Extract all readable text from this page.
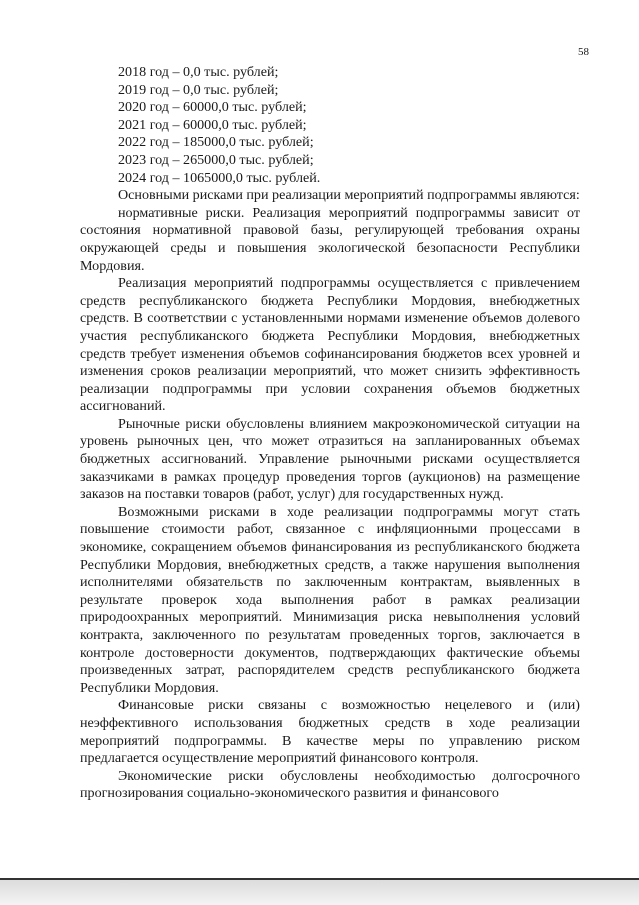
58
2018 год – 0,0 тыс. рублей;
2019 год – 0,0 тыс. рублей;
2020 год – 60000,0 тыс. рублей;
2021 год – 60000,0 тыс. рублей;
2022 год – 185000,0 тыс. рублей;
2023 год – 265000,0 тыс. рублей;
2024 год – 1065000,0 тыс. рублей.

Основными рисками при реализации мероприятий подпрограммы являются:

нормативные риски. Реализация мероприятий подпрограммы зависит от состояния нормативной правовой базы, регулирующей требования охраны окружающей среды и повышения экологической безопасности Республики Мордовия.

Реализация мероприятий подпрограммы осуществляется с привлечением средств республиканского бюджета Республики Мордовия, внебюджетных средств. В соответствии с установленными нормами изменение объемов долевого участия республиканского бюджета Республики Мордовия, внебюджетных средств требует изменения объемов софинансирования бюджетов всех уровней и изменения сроков реализации мероприятий, что может снизить эффективность реализации подпрограммы при условии сохранения объемов бюджетных ассигнований.

Рыночные риски обусловлены влиянием макроэкономической ситуации на уровень рыночных цен, что может отразиться на запланированных объемах бюджетных ассигнований. Управление рыночными рисками осуществляется заказчиками в рамках процедур проведения торгов (аукционов) на размещение заказов на поставки товаров (работ, услуг) для государственных нужд.

Возможными рисками в ходе реализации подпрограммы могут стать повышение стоимости работ, связанное с инфляционными процессами в экономике, сокращением объемов финансирования из республиканского бюджета Республики Мордовия, внебюджетных средств, а также нарушения выполнения исполнителями обязательств по заключенным контрактам, выявленных в результате проверок хода выполнения работ в рамках реализации природоохранных мероприятий. Минимизация риска невыполнения условий контракта, заключенного по результатам проведенных торгов, заключается в контроле достоверности документов, подтверждающих фактические объемы произведенных затрат, распорядителем средств республиканского бюджета Республики Мордовия.

Финансовые риски связаны с возможностью нецелевого и (или) неэффективного использования бюджетных средств в ходе реализации мероприятий подпрограммы. В качестве меры по управлению риском предлагается осуществление мероприятий финансового контроля.

Экономические риски обусловлены необходимостью долгосрочного прогнозирования социально-экономического развития и финансового
